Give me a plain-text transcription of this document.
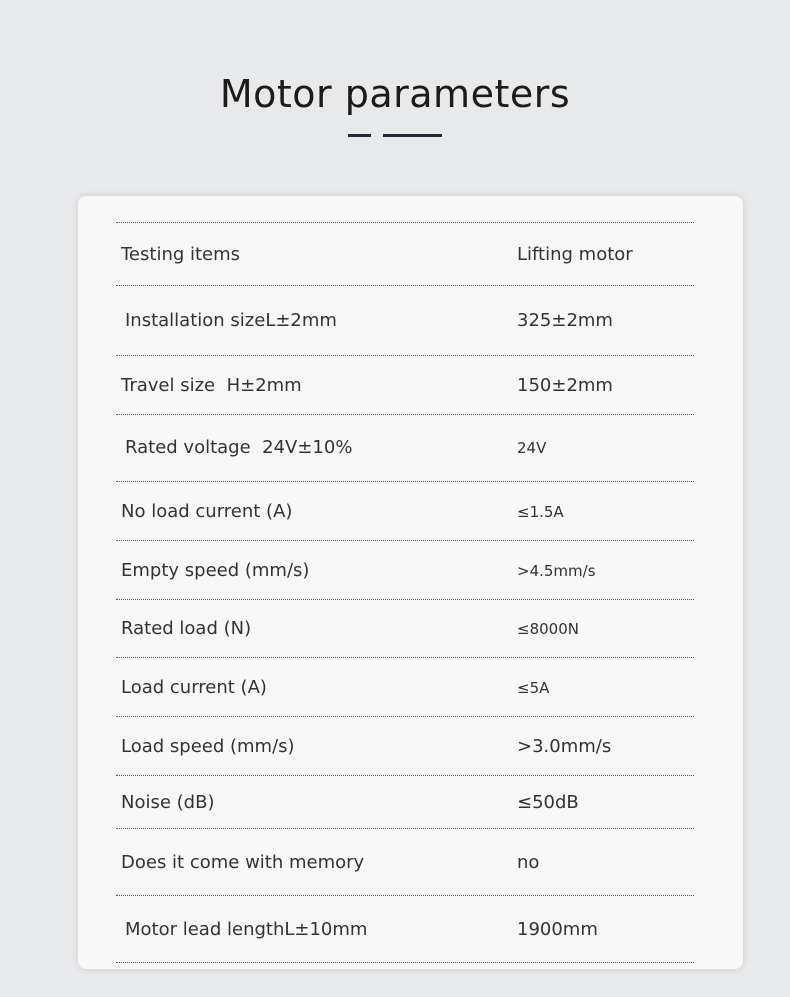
Motor parameters
Testing items	Lifting motor
Installation sizeL±2mm	325±2mm
Travel size  H±2mm	150±2mm
Rated voltage  24V±10%	24V
No load current (A)	≤1.5A
Empty speed (mm/s)	>4.5mm/s
Rated load (N)	≤8000N
Load current (A)	≤5A
Load speed (mm/s)	>3.0mm/s
Noise (dB)	≤50dB
Does it come with memory	no
Motor lead lengthL±10mm	1900mm
